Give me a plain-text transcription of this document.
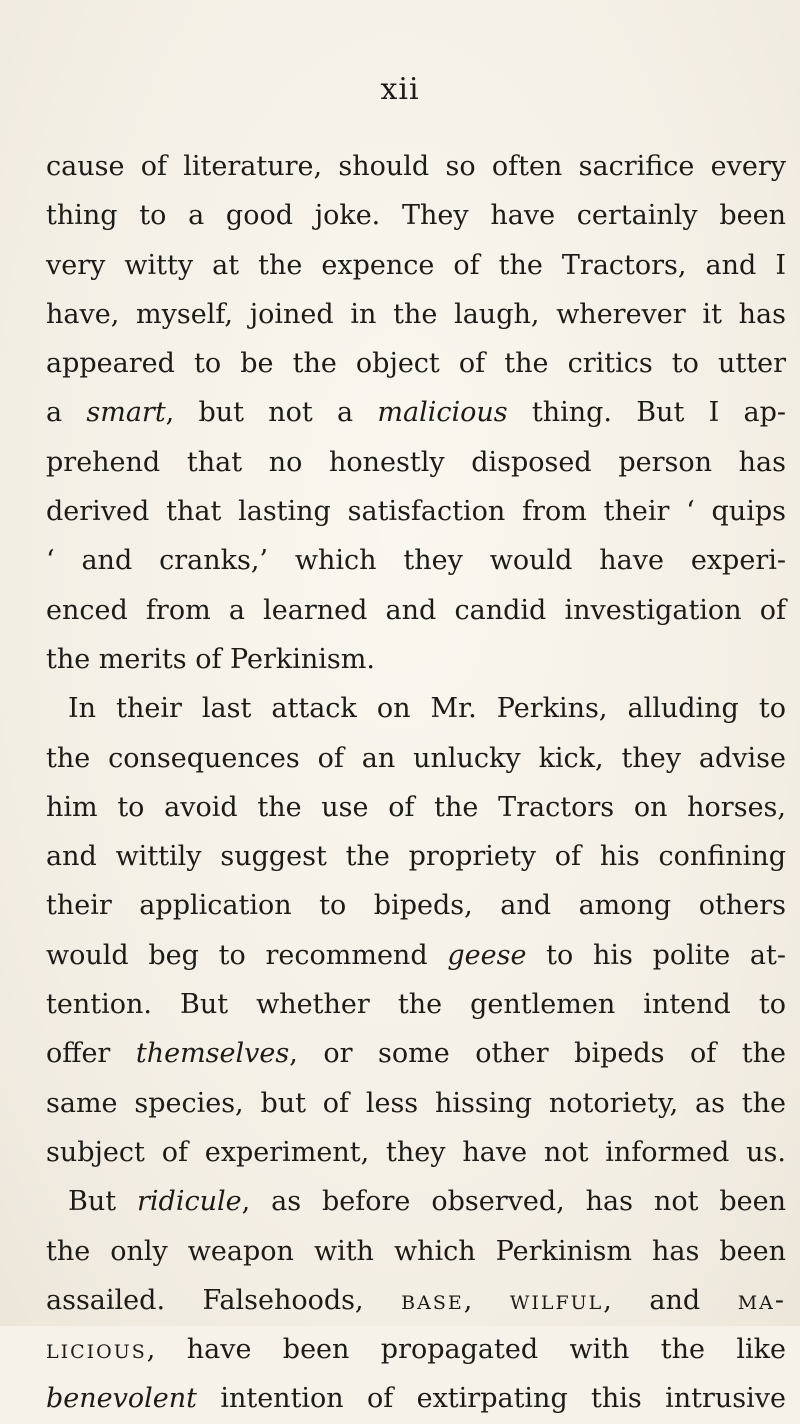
xii
cause of literature, should so often sacrifice every
thing to a good joke. They have certainly been
very witty at the expence of the Tractors, and I
have, myself, joined in the laugh, wherever it has
appeared to be the object of the critics to utter
a smart, but not a malicious thing. But I ap-
prehend that no honestly disposed person has
derived that lasting satisfaction from their ‘ quips
‘ and cranks,’ which they would have experi-
enced from a learned and candid investigation of
the merits of Perkinism.
In their last attack on Mr. Perkins, alluding to
the consequences of an unlucky kick, they advise
him to avoid the use of the Tractors on horses,
and wittily suggest the propriety of his confining
their application to bipeds, and among others
would beg to recommend geese to his polite at-
tention. But whether the gentlemen intend to
offer themselves, or some other bipeds of the
same species, but of less hissing notoriety, as the
subject of experiment, they have not informed us.
But ridicule, as before observed, has not been
the only weapon with which Perkinism has been
assailed. Falsehoods, base, wilful, and ma-
licious, have been propagated with the like
benevolent intention of extirpating this intrusive
